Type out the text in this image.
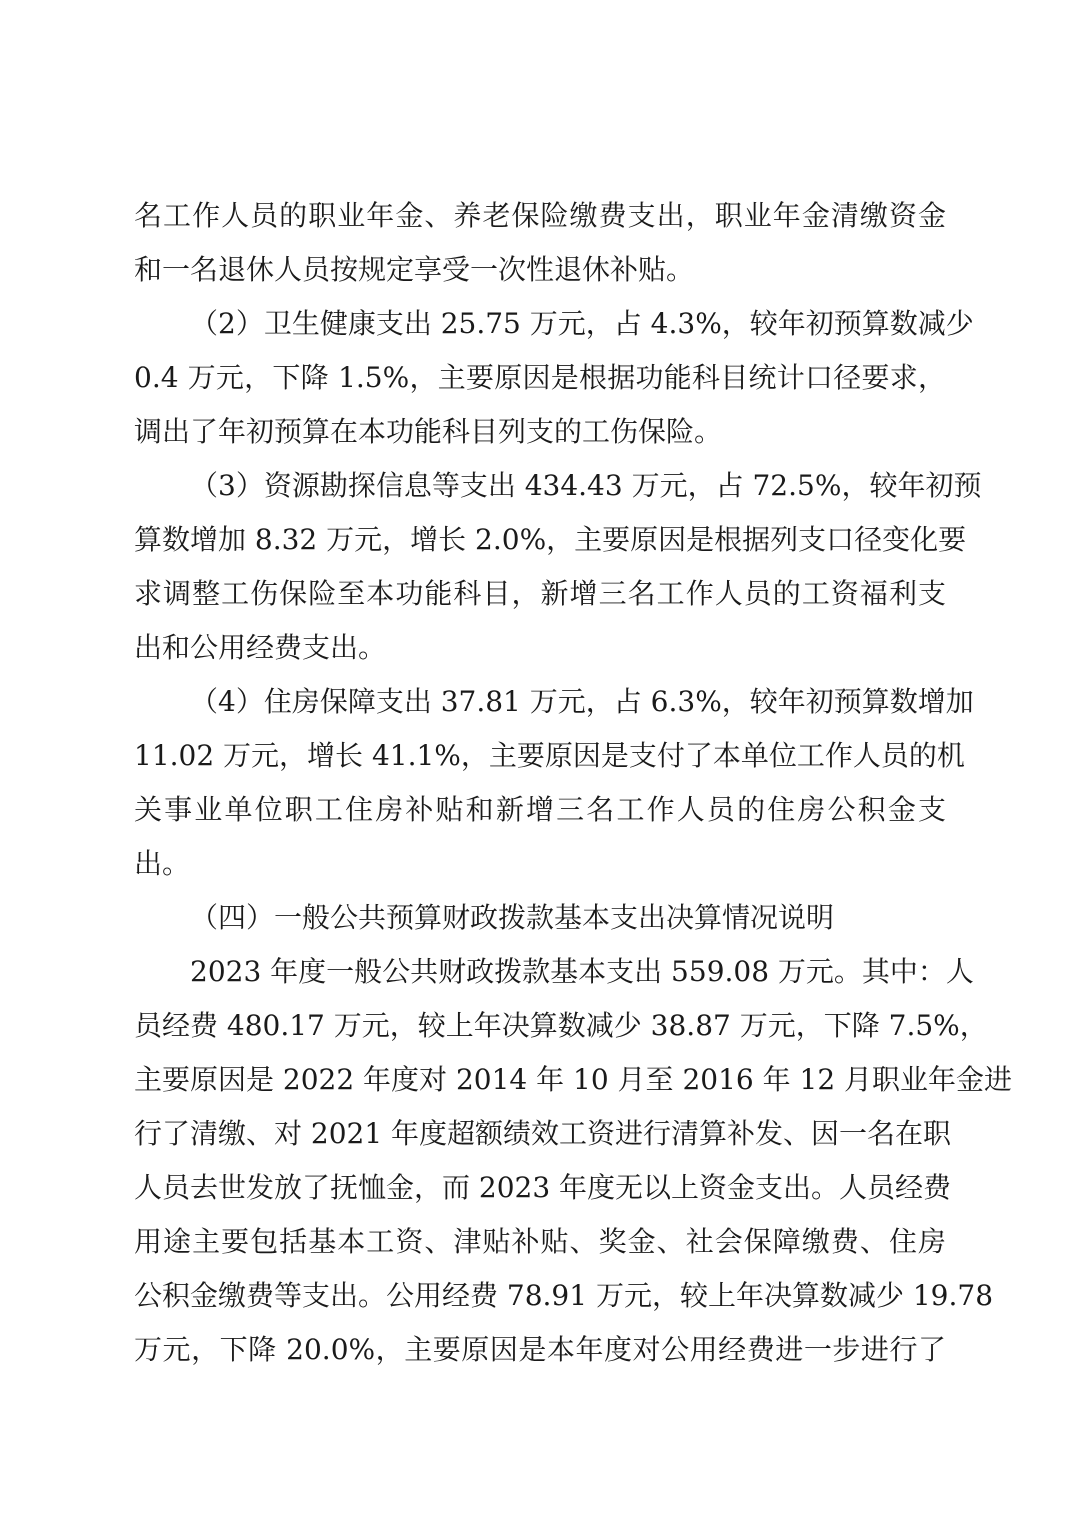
名工作人员的职业年金、养老保险缴费支出，职业年金清缴资金
和一名退休人员按规定享受一次性退休补贴。
（2）卫生健康支出 25.75 万元，占 4.3%，较年初预算数减少
0.4 万元，下降 1.5%，主要原因是根据功能科目统计口径要求，
调出了年初预算在本功能科目列支的工伤保险。
（3）资源勘探信息等支出 434.43 万元，占 72.5%，较年初预
算数增加 8.32 万元，增长 2.0%，主要原因是根据列支口径变化要
求调整工伤保险至本功能科目，新增三名工作人员的工资福利支
出和公用经费支出。
（4）住房保障支出 37.81 万元，占 6.3%，较年初预算数增加
11.02 万元，增长 41.1%，主要原因是支付了本单位工作人员的机
关事业单位职工住房补贴和新增三名工作人员的住房公积金支
出。
（四）一般公共预算财政拨款基本支出决算情况说明
2023 年度一般公共财政拨款基本支出 559.08 万元。其中：人
员经费 480.17 万元，较上年决算数减少 38.87 万元，下降 7.5%，
主要原因是 2022 年度对 2014 年 10 月至 2016 年 12 月职业年金进
行了清缴、对 2021 年度超额绩效工资进行清算补发、因一名在职
人员去世发放了抚恤金，而 2023 年度无以上资金支出。人员经费
用途主要包括基本工资、津贴补贴、奖金、社会保障缴费、住房
公积金缴费等支出。公用经费 78.91 万元，较上年决算数减少 19.78
万元，下降 20.0%，主要原因是本年度对公用经费进一步进行了
